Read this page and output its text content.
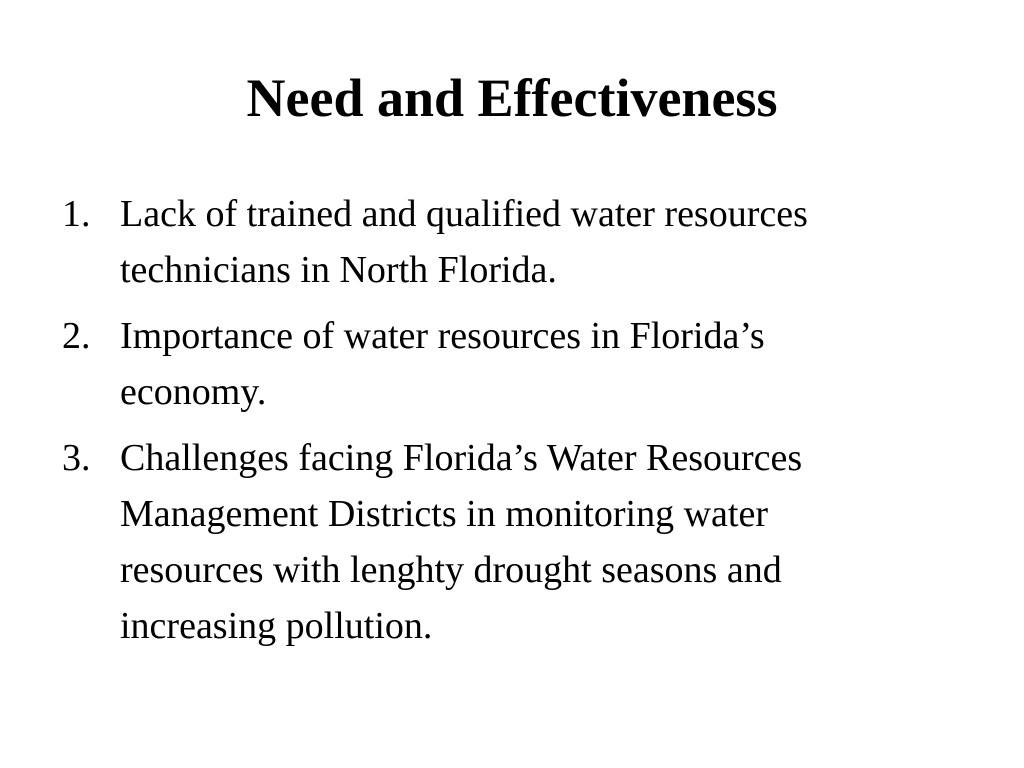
Need and Effectiveness
1. Lack of trained and qualified water resources
technicians in North Florida.
2. Importance of water resources in Florida’s
economy.
3. Challenges facing Florida’s Water Resources
Management Districts in monitoring water
resources with lenghty drought seasons and
increasing pollution.
